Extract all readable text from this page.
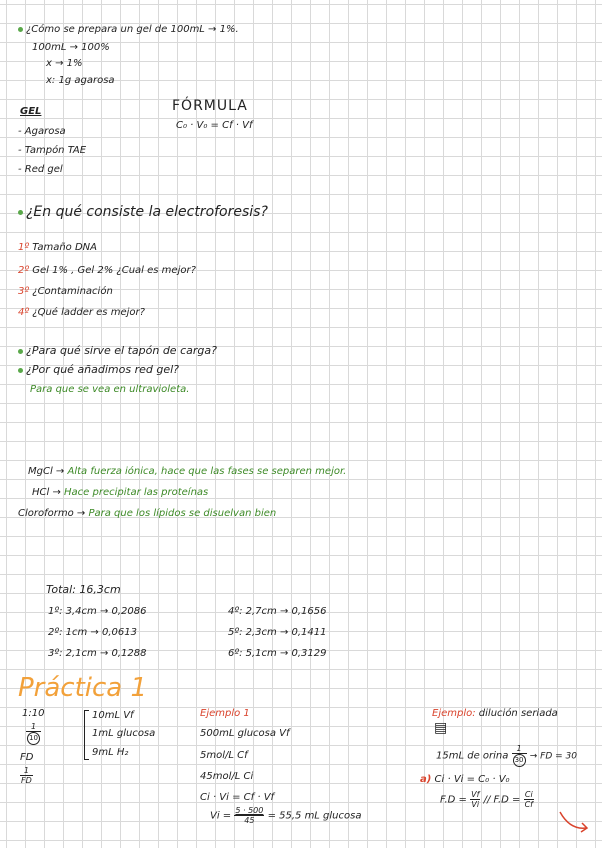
¿Cómo se prepara un gel de 100mL → 1%.
100mL → 100%
x → 1%
x: 1g agarosa
GEL
- Agarosa
- Tampón TAE
- Red gel
FÓRMULA
C₀ · V₀ = Cf · Vf
¿En qué consiste la electroforesis?
1º Tamaño DNA
2º Gel 1% , Gel 2% ¿Cual es mejor?
3º ¿Contaminación
4º ¿Qué ladder es mejor?
¿Para qué sirve el tapón de carga?
¿Por qué añadimos red gel?
Para que se vea en ultravioleta.
MgCl → Alta fuerza iónica, hace que las fases se separen mejor.
HCl → Hace precipitar las proteínas
Cloroformo → Para que los lípidos se disuelvan bien
Total: 16,3cm
1º: 3,4cm → 0,2086
2º: 1cm → 0,0613
3º: 2,1cm → 0,1288
4º: 2,7cm → 0,1656
5º: 2,3cm → 0,1411
6º: 5,1cm → 0,3129
Práctica 1
1:10
$\frac{1}{10}$
FD
$\frac{1}{FD}$
10mL Vf
1mL glucosa
9mL H₂
Ejemplo 1
500mL glucosa Vf
5mol/L Cf
45mol/L Ci
Ci · Vi = Cf · Vf
$Vi = \frac{5 \cdot 500}{45} = 55,5$ mL glucosa
Ejemplo: dilución seriada
▤
15mL de orina $\frac{1}{30}$ → FD = 30
a) Ci · Vi = C₀ · V₀
$F.D = \frac{Vf}{Vi} // F.D = \frac{Ci}{Cf}$
